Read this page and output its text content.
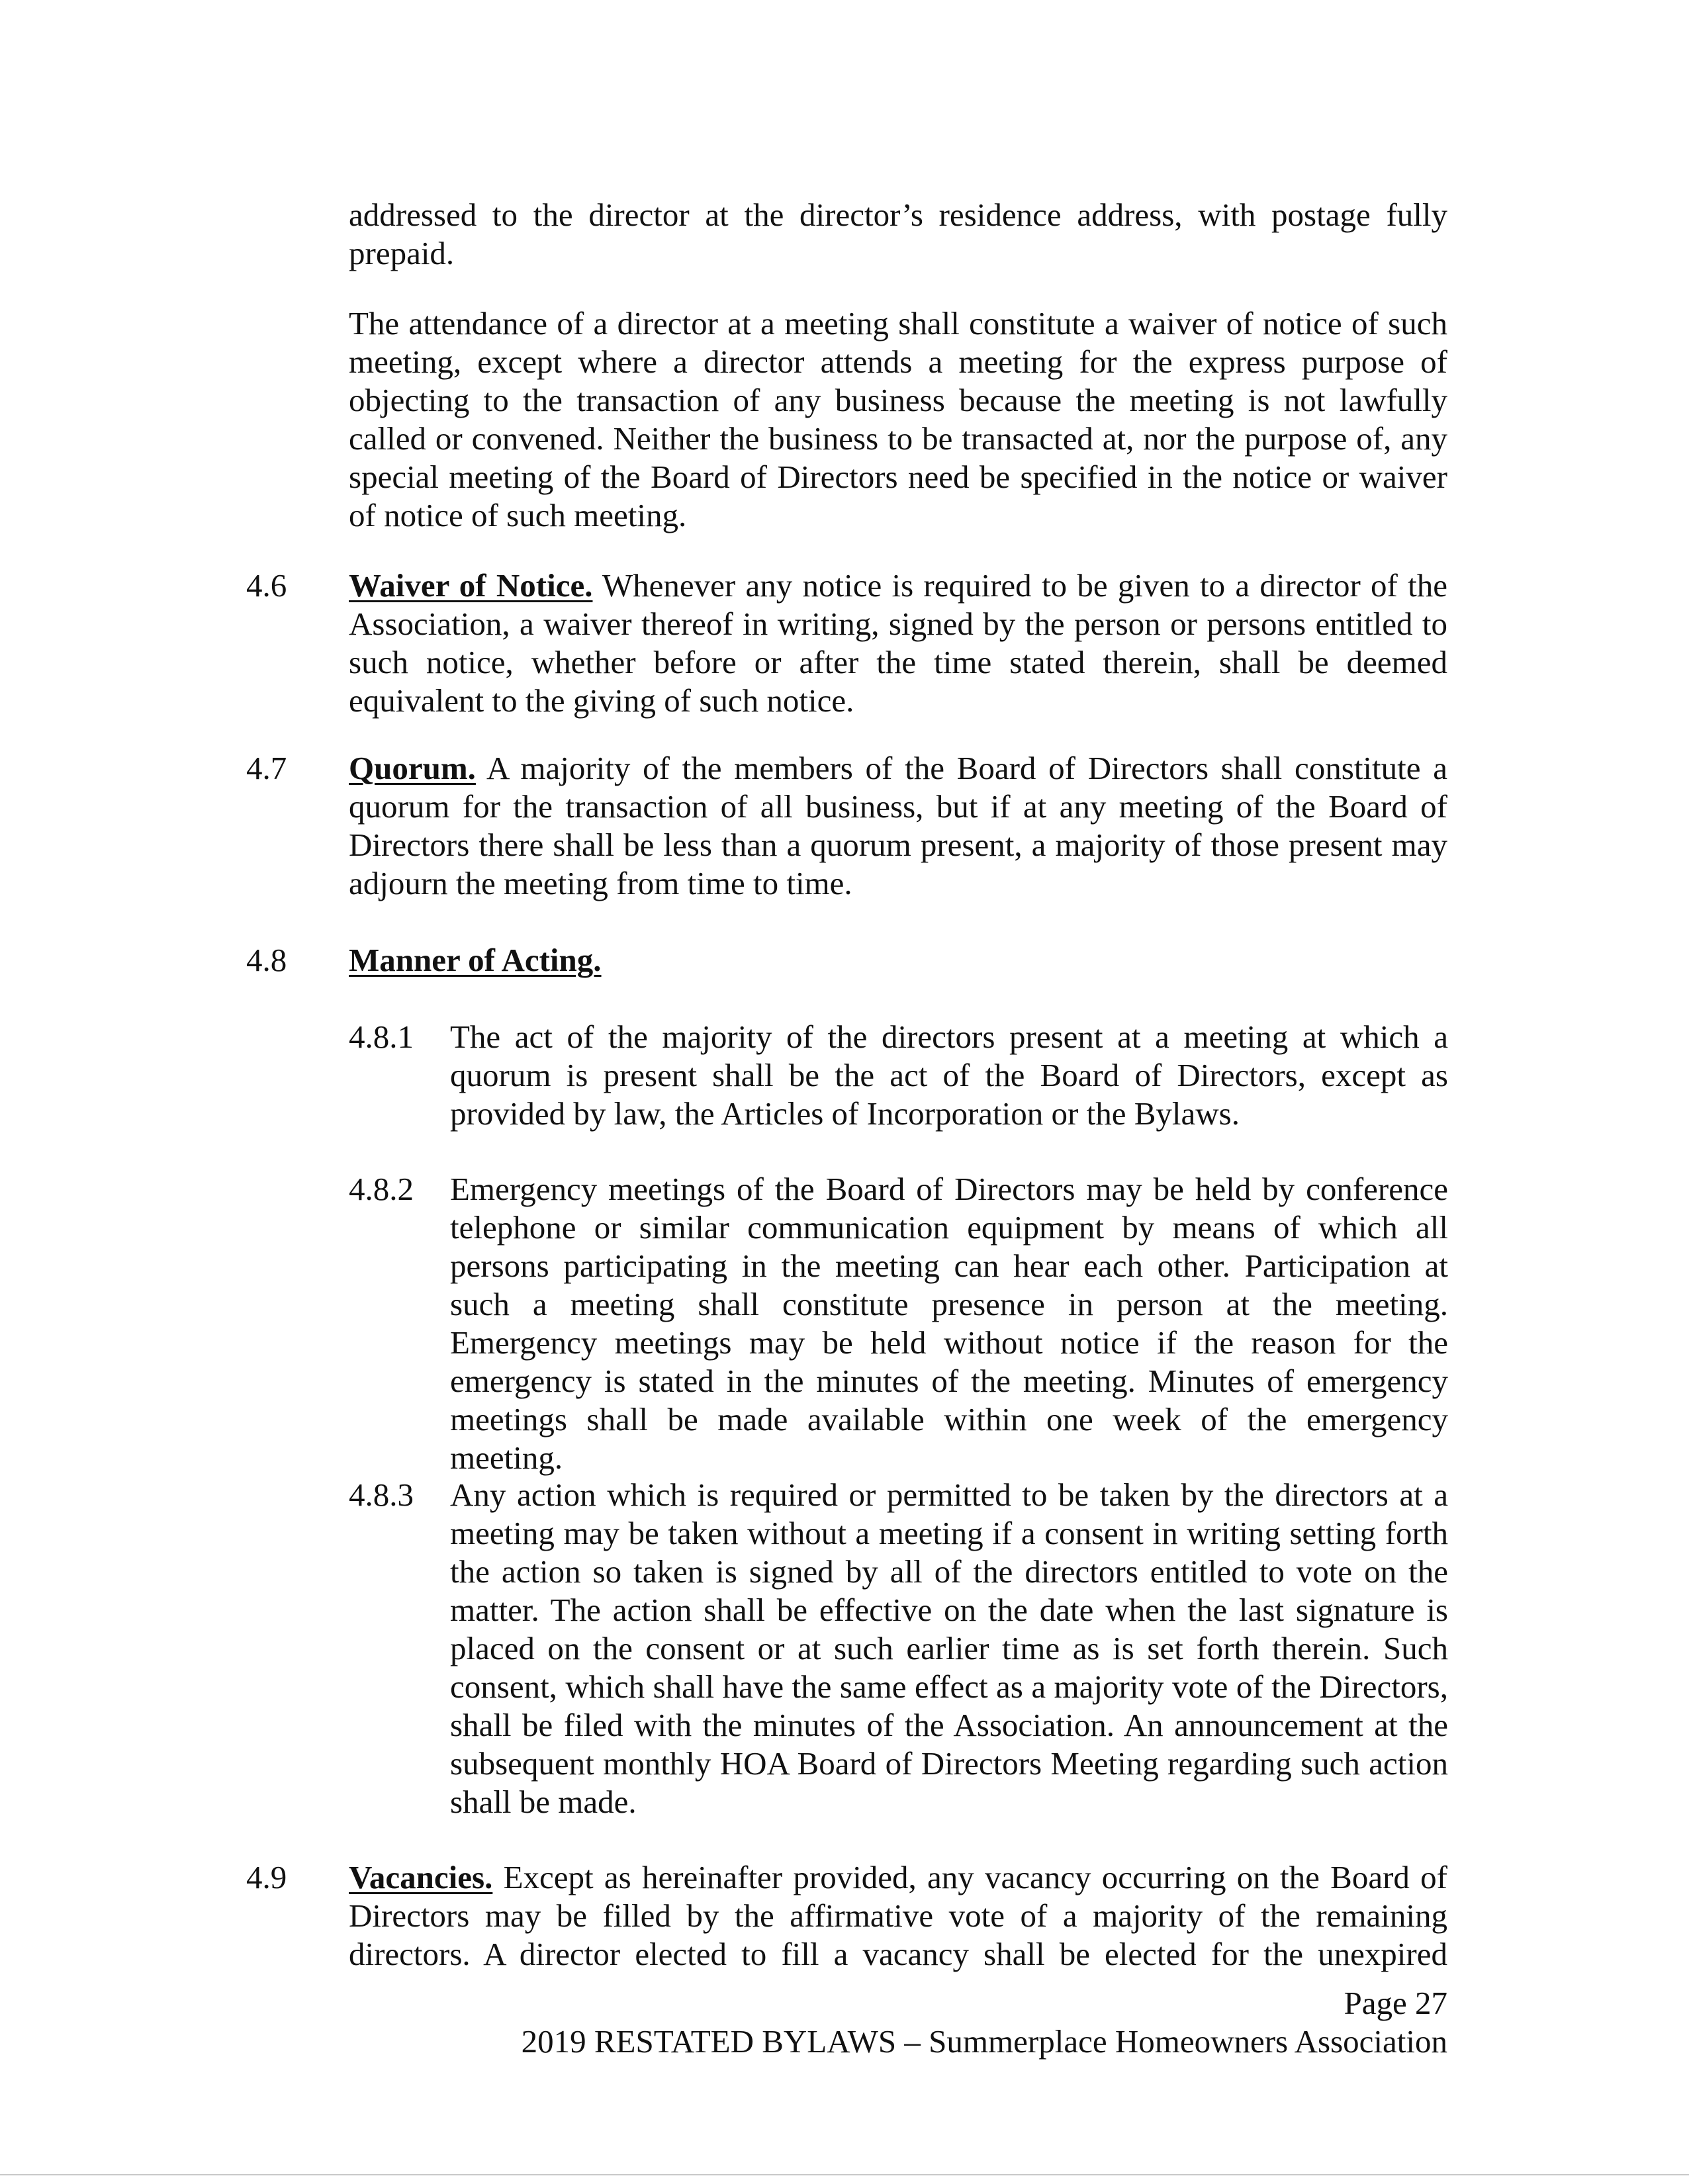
addressed to the director at the director’s residence address, with postage fully prepaid.

The attendance of a director at a meeting shall constitute a waiver of notice of such meeting, except where a director attends a meeting for the express purpose of objecting to the transaction of any business because the meeting is not lawfully called or convened. Neither the business to be transacted at, nor the purpose of, any special meeting of the Board of Directors need be specified in the notice or waiver of notice of such meeting.

4.6 Waiver of Notice. Whenever any notice is required to be given to a director of the Association, a waiver thereof in writing, signed by the person or persons entitled to such notice, whether before or after the time stated therein, shall be deemed equivalent to the giving of such notice.

4.7 Quorum. A majority of the members of the Board of Directors shall constitute a quorum for the transaction of all business, but if at any meeting of the Board of Directors there shall be less than a quorum present, a majority of those present may adjourn the meeting from time to time.

4.8 Manner of Acting.

4.8.1 The act of the majority of the directors present at a meeting at which a quorum is present shall be the act of the Board of Directors, except as provided by law, the Articles of Incorporation or the Bylaws.

4.8.2 Emergency meetings of the Board of Directors may be held by conference telephone or similar communication equipment by means of which all persons participating in the meeting can hear each other. Participation at such a meeting shall constitute presence in person at the meeting. Emergency meetings may be held without notice if the reason for the emergency is stated in the minutes of the meeting. Minutes of emergency meetings shall be made available within one week of the emergency meeting.

4.8.3 Any action which is required or permitted to be taken by the directors at a meeting may be taken without a meeting if a consent in writing setting forth the action so taken is signed by all of the directors entitled to vote on the matter. The action shall be effective on the date when the last signature is placed on the consent or at such earlier time as is set forth therein. Such consent, which shall have the same effect as a majority vote of the Directors, shall be filed with the minutes of the Association. An announcement at the subsequent monthly HOA Board of Directors Meeting regarding such action shall be made.

4.9 Vacancies. Except as hereinafter provided, any vacancy occurring on the Board of Directors may be filled by the affirmative vote of a majority of the remaining directors. A director elected to fill a vacancy shall be elected for the unexpired

Page 27
2019 RESTATED BYLAWS – Summerplace Homeowners Association
